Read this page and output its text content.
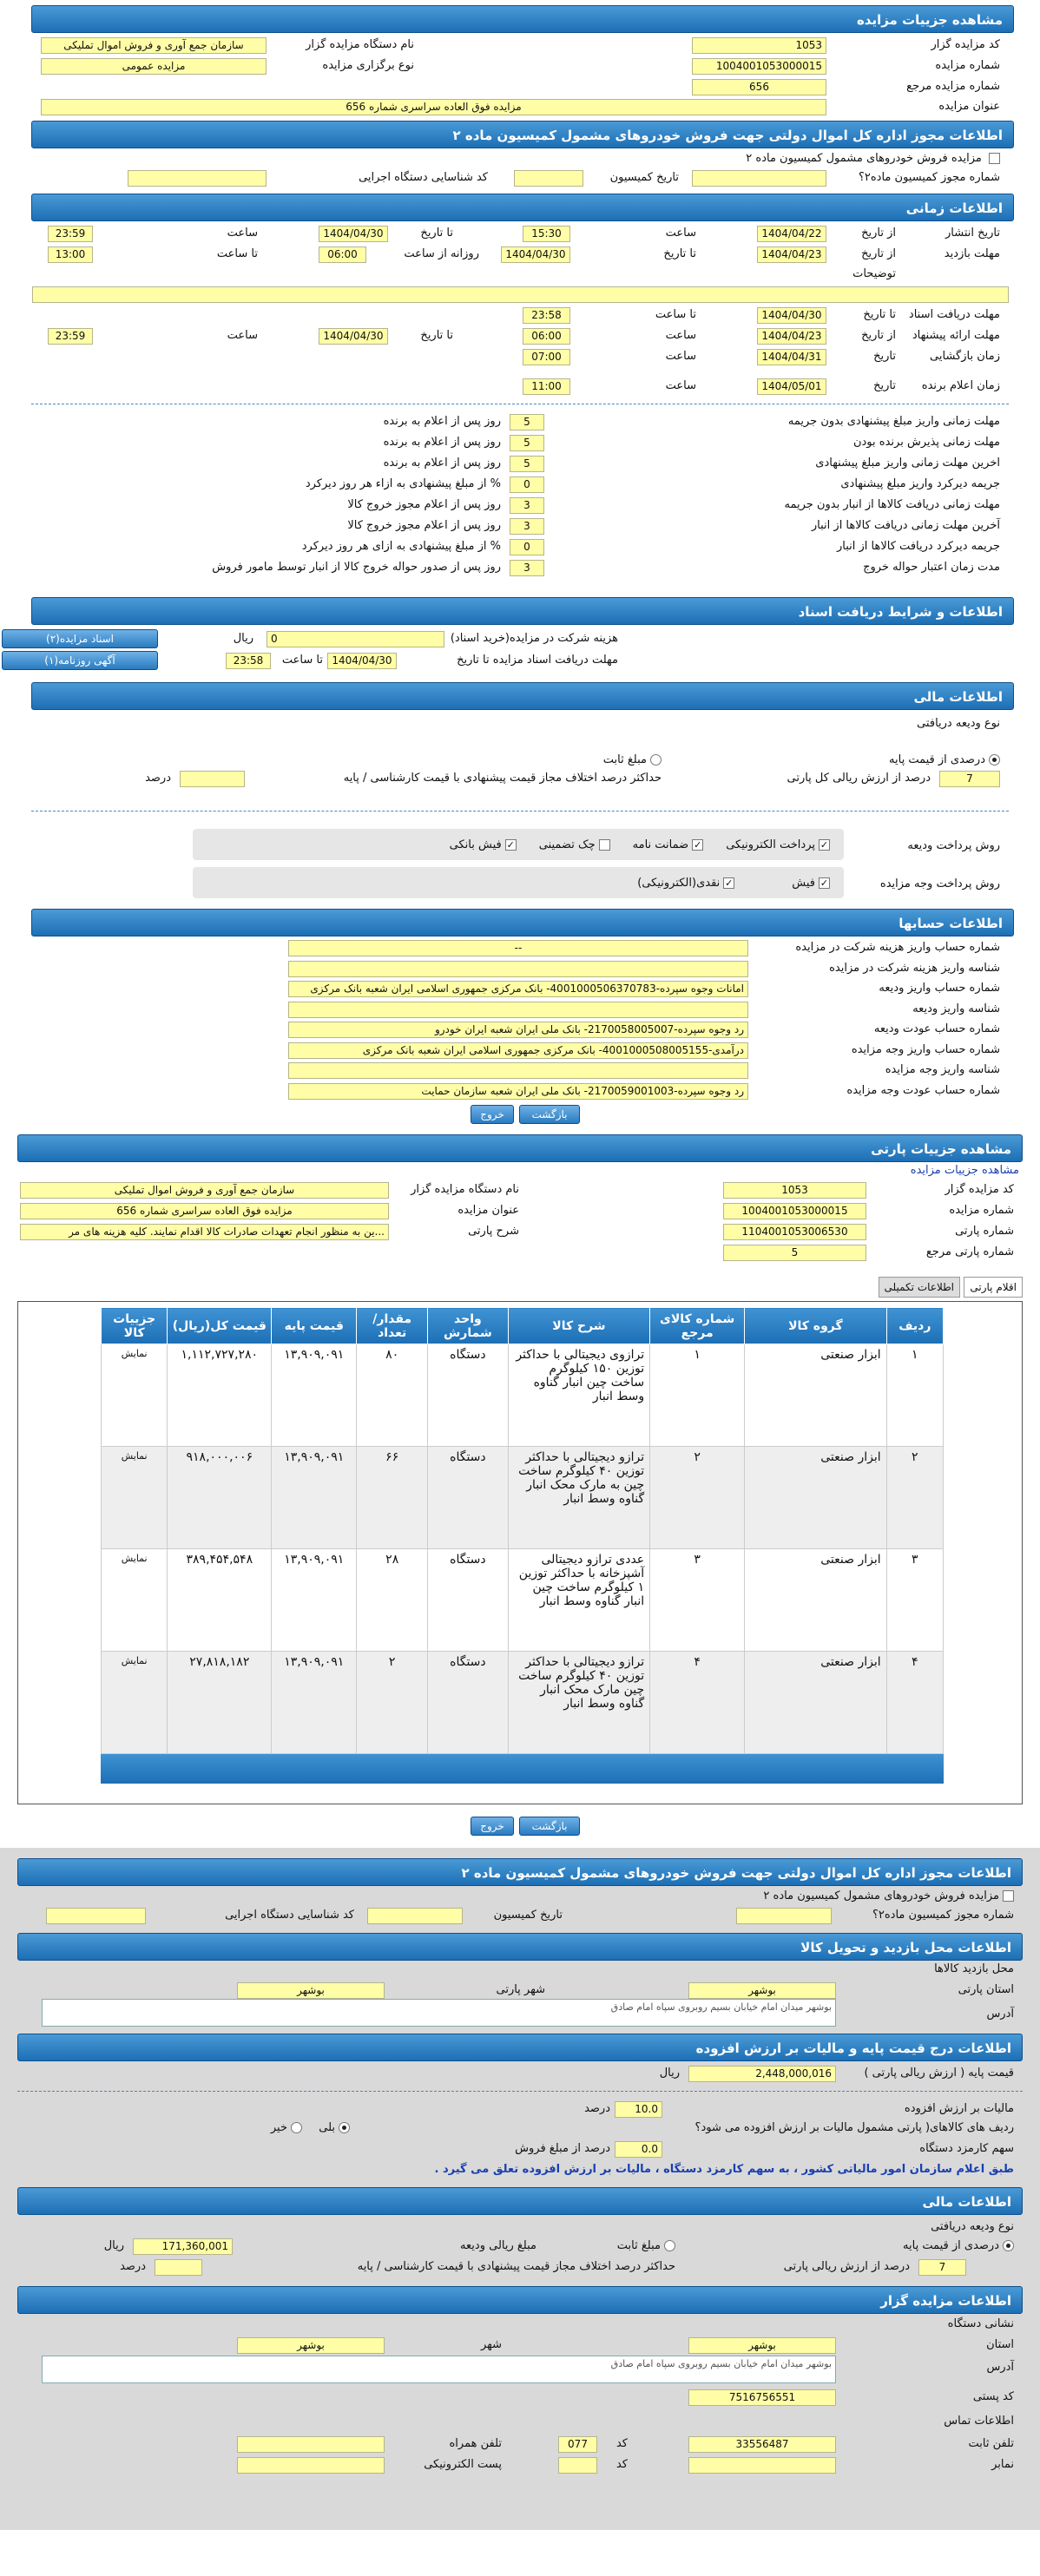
مشاهده جزییات مزایده
کد مزایده گزار
1053
نام دستگاه مزایده گزار
سازمان جمع آوری و فروش اموال تملیکی
شماره مزایده
1004001053000015
نوع برگزاری مزایده
مزایده عمومی
شماره مزایده مرجع
656
عنوان مزایده
مزایده فوق العاده سراسری شماره 656
اطلاعات مجوز اداره کل اموال دولتی جهت فروش خودروهای مشمول کمیسیون ماده ۲
مزایده فروش خودروهای مشمول کمیسیون ماده ۲
شماره مجوز کمیسیون ماده۲؟
تاریخ کمیسیون
کد شناسایی دستگاه اجرایی
اطلاعات زمانی
تاریخ انتشار
از تاریخ
1404/04/22
ساعت
15:30
تا تاریخ
1404/04/30
ساعت
23:59
مهلت بازدید
از تاریخ
1404/04/23
تا تاریخ
1404/04/30
روزانه از ساعت
06:00
تا ساعت
13:00
توضیحات
مهلت دریافت اسناد
تا تاریخ
1404/04/30
تا ساعت
23:58
مهلت ارائه پیشنهاد
از تاریخ
1404/04/23
ساعت
06:00
تا تاریخ
1404/04/30
ساعت
23:59
زمان بازگشایی
تاریخ
1404/04/31
ساعت
07:00
زمان اعلام برنده
تاریخ
1404/05/01
ساعت
11:00
مهلت زمانی واریز مبلغ پیشنهادی بدون جریمه
5
روز پس از اعلام به برنده
مهلت زمانی پذیرش برنده بودن
5
روز پس از اعلام به برنده
اخرین مهلت زمانی واریز مبلغ پیشنهادی
5
روز پس از اعلام به برنده
جریمه دیرکرد واریز مبلغ پیشنهادی
0
% از مبلغ پیشنهادی به ازاء هر روز دیرکرد
مهلت زمانی دریافت کالاها از انبار بدون جریمه
3
روز پس از اعلام مجوز خروج کالا
آخرین مهلت زمانی دریافت کالاها از انبار
3
روز پس از اعلام مجوز خروج کالا
جریمه دیرکرد دریافت کالاها از انبار
0
% از مبلغ پیشنهادی به ازای هر روز دیرکرد
مدت زمان اعتبار حواله خروج
3
روز پس از صدور حواله خروج کالا از انبار توسط مامور فروش
اطلاعات و شرایط دریافت اسناد
هزینه شرکت در مزایده(خرید اسناد)
0
ریال
اسناد مزایده(۲)
مهلت دریافت اسناد مزایده تا تاریخ
1404/04/30
تا ساعت
23:58
آگهی روزنامه(۱)
اطلاعات مالی
نوع ودیعه دریافتی
درصدی از قیمت پایه
مبلغ ثابت
7
درصد از ارزش ریالی کل پارتی
حداکثر درصد اختلاف مجاز قیمت پیشنهادی با قیمت کارشناسی / پایه
درصد
روش پرداخت ودیعه
✓پرداخت الکترونیکی
✓ضمانت نامه
چک تضمینی
✓فیش بانکی
روش پرداخت وجه مزایده
✓فیش
✓نقدی(الکترونیکی)
اطلاعات حسابها
شماره حساب واریز هزینه شرکت در مزایده
--
شناسه واریز هزینه شرکت در مزایده
شماره حساب واریز ودیعه
امانات وجوه سپرده-4001000506370783- بانک مرکزی جمهوری اسلامی ایران شعبه بانک مرکزی
شناسه واریز ودیعه
شماره حساب عودت ودیعه
رد وجوه سپرده-2170058005007- بانک ملی ایران شعبه ایران خودرو
شماره حساب واریز وجه مزایده
درآمدی-4001000508005155- بانک مرکزی جمهوری اسلامی ایران شعبه بانک مرکزی
شناسه واریز وجه مزایده
شماره حساب عودت وجه مزایده
رد وجوه سپرده-2170059001003- بانک ملی ایران شعبه سازمان حمایت
بازگشت
خروج
مشاهده جزییات پارتی
مشاهده جزییات مزایده
کد مزایده گزار
1053
نام دستگاه مزایده گزار
سازمان جمع آوری و فروش اموال تملیکی
شماره مزایده
1004001053000015
عنوان مزایده
مزایده فوق العاده سراسری شماره 656
شماره پارتی
1104001053006530
شرح پارتی
...ین به منظور انجام تعهدات صادرات کالا اقدام نمایند. کلیه هزینه های مر
شماره پارتی مرجع
5
اقلام پارتی
اطلاعات تکمیلی
ردیف	گروه کالا	شماره کالای مرجع	شرح کالا	واحد شمارش	مقدار/تعداد	قیمت پایه	قیمت کل(ریال)	جزییات کالا
۱	ابزار صنعتی	۱	ترازوی دیجیتالی با حداکثر توزین ۱۵۰ کیلوگرم ساخت چین انبار گناوه وسط انبار	دستگاه	۸۰	۱۳,۹۰۹,۰۹۱	۱,۱۱۲,۷۲۷,۲۸۰	نمایش
۲	ابزار صنعتی	۲	ترازو دیجیتالی با حداکثر توزین ۴۰ کیلوگرم ساخت چین به مارک محک انبار گناوه وسط انبار	دستگاه	۶۶	۱۳,۹۰۹,۰۹۱	۹۱۸,۰۰۰,۰۰۶	نمایش
۳	ابزار صنعتی	۳	عددی ترازو دیجیتالی آشپزخانه با حداکثر توزین ۱ کیلوگرم ساخت چین انبار گناوه وسط انبار	دستگاه	۲۸	۱۳,۹۰۹,۰۹۱	۳۸۹,۴۵۴,۵۴۸	نمایش
۴	ابزار صنعتی	۴	ترازو دیجیتالی با حداکثر توزین ۴۰ کیلوگرم ساخت چین مارک محک انبار گناوه وسط انبار	دستگاه	۲	۱۳,۹۰۹,۰۹۱	۲۷,۸۱۸,۱۸۲	نمایش
بازگشت
خروج
اطلاعات مجوز اداره کل اموال دولتی جهت فروش خودروهای مشمول کمیسیون ماده ۲
مزایده فروش خودروهای مشمول کمیسیون ماده ۲
شماره مجوز کمیسیون ماده۲؟
تاریخ کمیسیون
کد شناسایی دستگاه اجرایی
اطلاعات محل بازدید و تحویل کالا
محل بازدید کالاها
استان پارتی
بوشهر
شهر پارتی
بوشهر
آدرس
بوشهر میدان امام خیابان بسیم روبروی سپاه امام صادق
اطلاعات درج قیمت پایه و مالیات بر ارزش افزوده
قیمت پایه ( ارزش ریالی پارتی )
2,448,000,016
ریال
مالیات بر ارزش افزوده
10.0
درصد
ردیف های کالاهای( پارتی مشمول مالیات بر ارزش افزوده می شود؟
بلی
خیر
سهم کارمزد دستگاه
0.0
درصد از مبلغ فروش
طبق اعلام سازمان امور مالیاتی کشور ، به سهم کارمزد دستگاه ، مالیات بر ارزش افزوده تعلق می گیرد .
اطلاعات مالی
نوع ودیعه دریافتی
درصدی از قیمت پایه
مبلغ ثابت
مبلغ ریالی ودیعه
171,360,001
ریال
7
درصد از ارزش ریالی پارتی
حداکثر درصد اختلاف مجاز قیمت پیشنهادی با قیمت کارشناسی / پایه
درصد
اطلاعات مزایده گزار
نشانی دستگاه
استان
بوشهر
شهر
بوشهر
آدرس
بوشهر میدان امام خیابان بسیم روبروی سپاه امام صادق
کد پستی
7516756551
اطلاعات تماس
تلفن ثابت
33556487
کد
077
تلفن همراه
نمابر
کد
پست الکترونیکی
